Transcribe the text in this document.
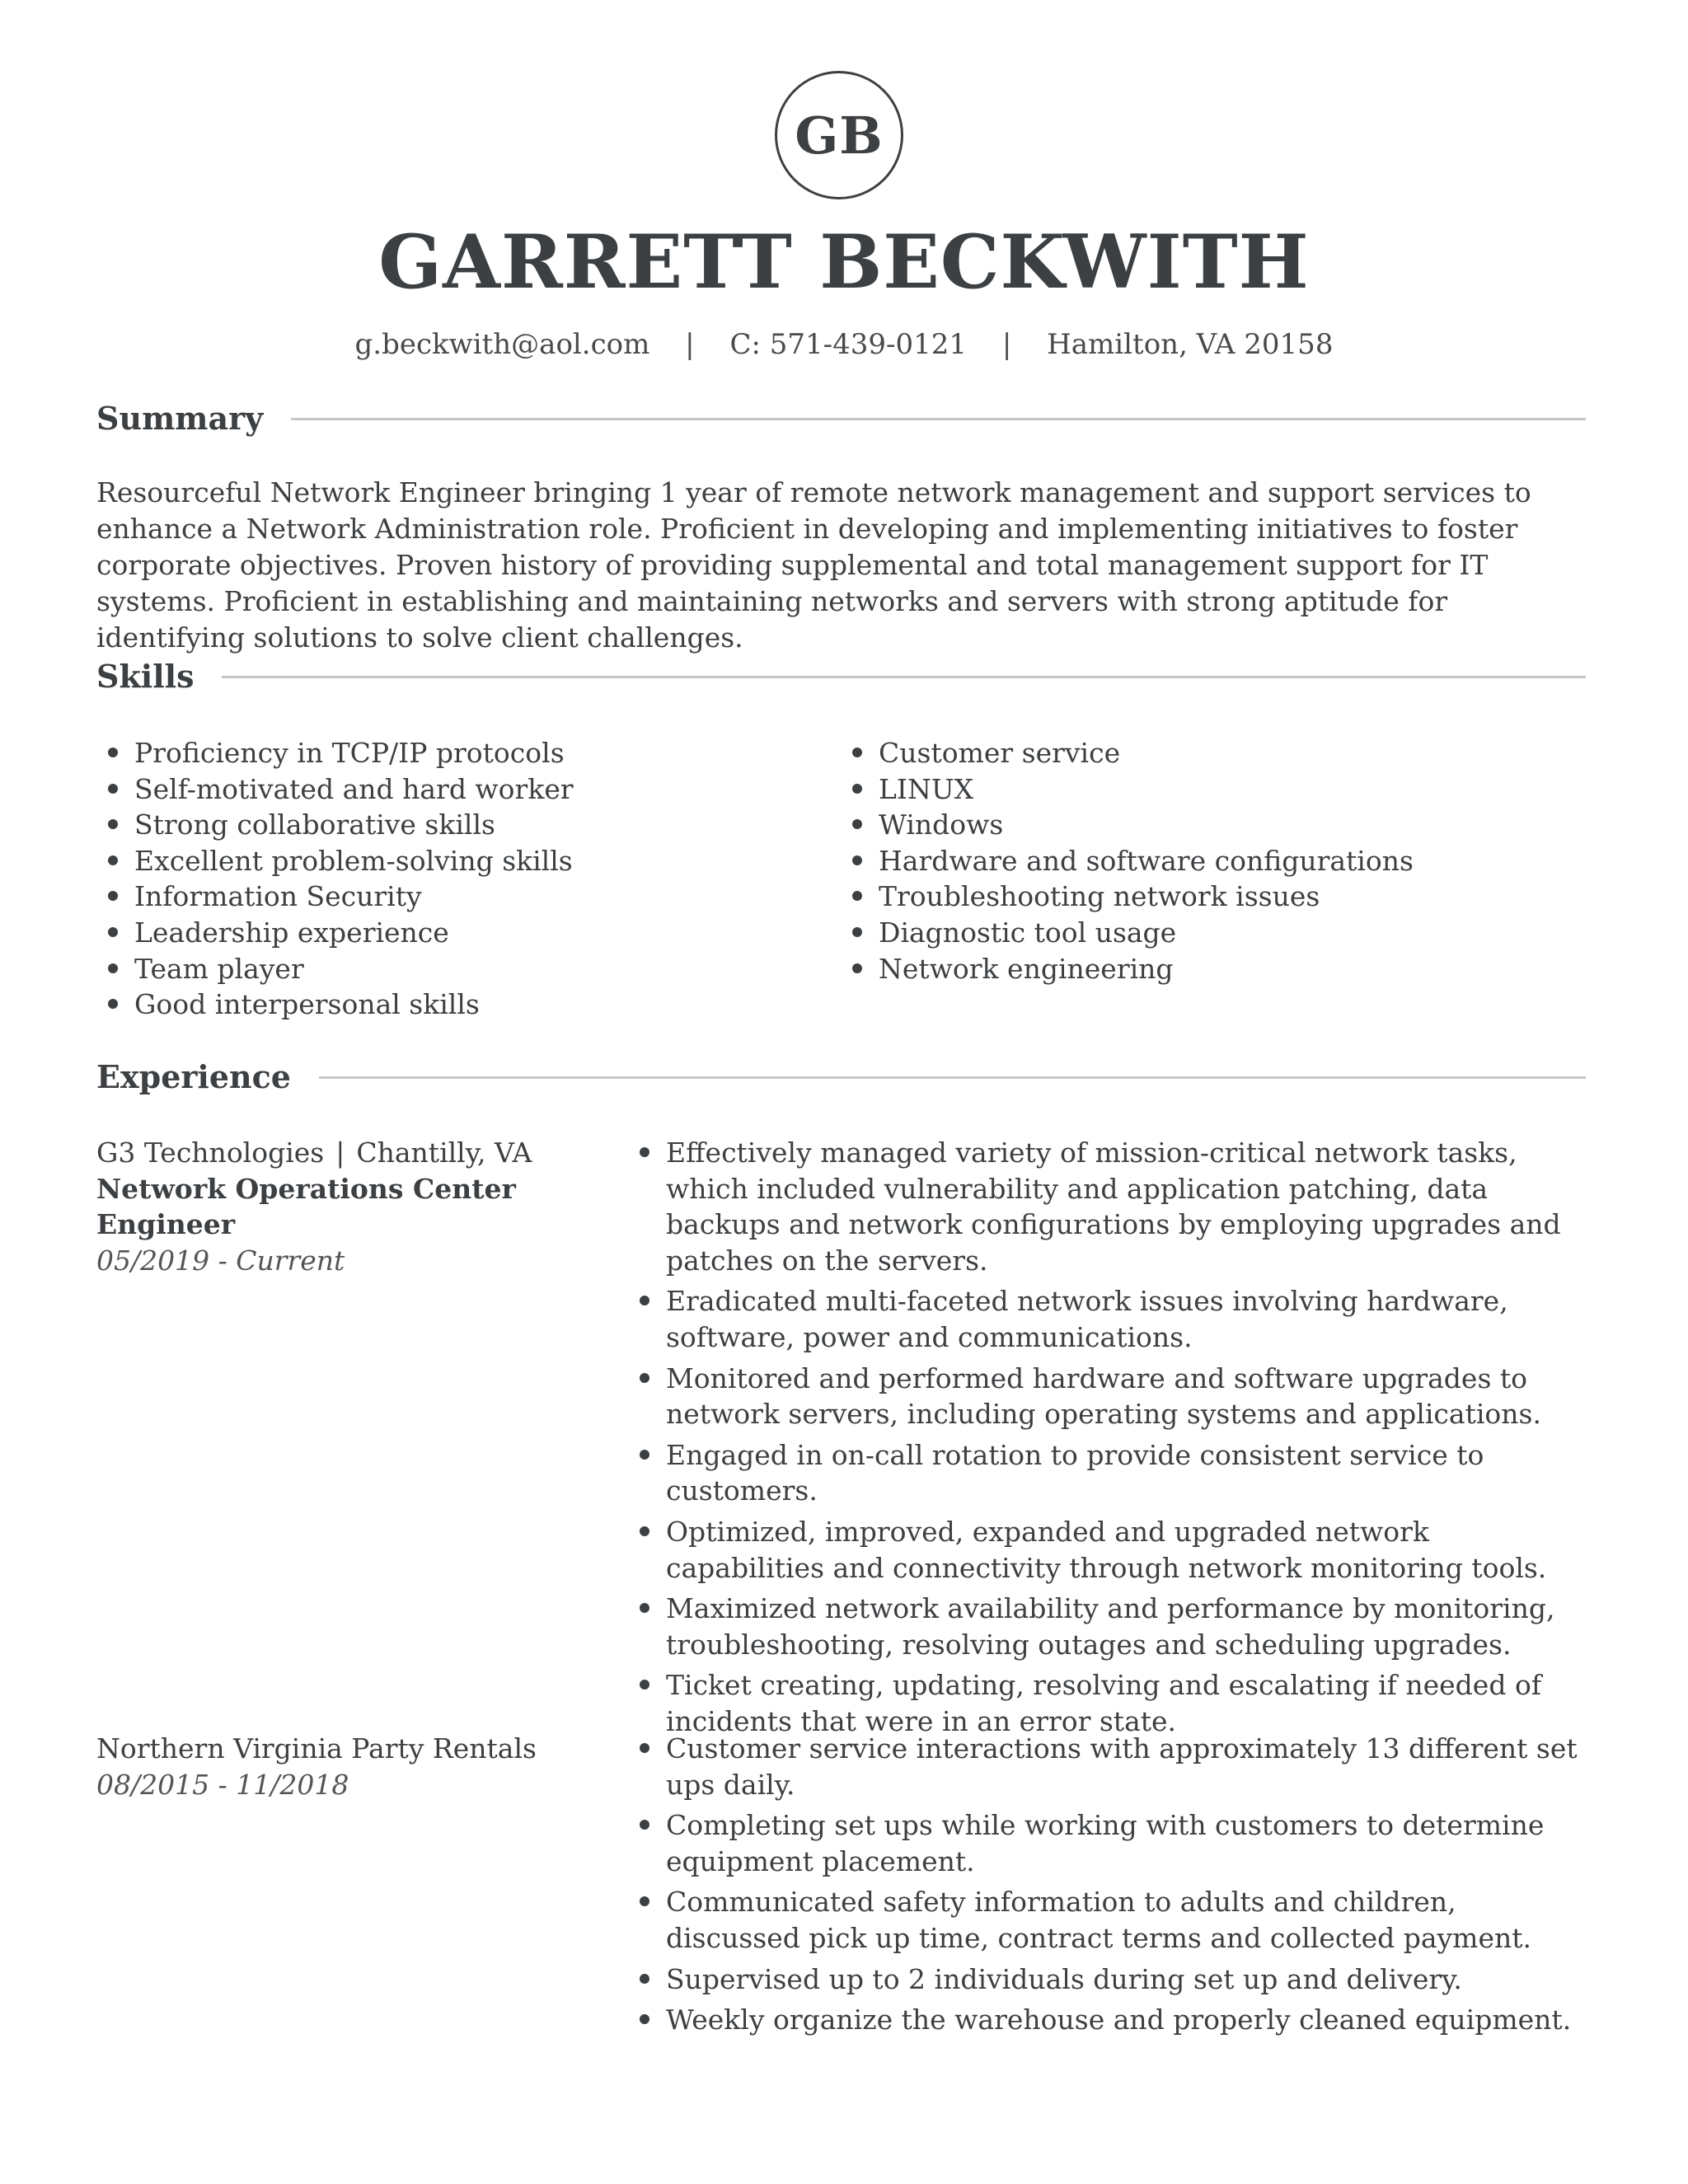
GB
GARRETT BECKWITH
g.beckwith@aol.com | C: 571-439-0121 | Hamilton, VA 20158
Summary

Resourceful Network Engineer bringing 1 year of remote network management and support services to enhance a Network Administration role. Proficient in developing and implementing initiatives to foster corporate objectives. Proven history of providing supplemental and total management support for IT systems. Proficient in establishing and maintaining networks and servers with strong aptitude for identifying solutions to solve client challenges.

Skills
Proficiency in TCP/IP protocols
Self-motivated and hard worker
Strong collaborative skills
Excellent problem-solving skills
Information Security
Leadership experience
Team player
Good interpersonal skills
Customer service
LINUX
Windows
Hardware and software configurations
Troubleshooting network issues
Diagnostic tool usage
Network engineering
Experience
G3 Technologies | Chantilly, VA
Network Operations Center Engineer
05/2019 - Current
Effectively managed variety of mission-critical network tasks, which included vulnerability and application patching, data backups and network configurations by employing upgrades and patches on the servers.
Eradicated multi-faceted network issues involving hardware, software, power and communications.
Monitored and performed hardware and software upgrades to network servers, including operating systems and applications.
Engaged in on-call rotation to provide consistent service to customers.
Optimized, improved, expanded and upgraded network capabilities and connectivity through network monitoring tools.
Maximized network availability and performance by monitoring, troubleshooting, resolving outages and scheduling upgrades.
Ticket creating, updating, resolving and escalating if needed of incidents that were in an error state.
Northern Virginia Party Rentals
08/2015 - 11/2018
Customer service interactions with approximately 13 different set ups daily.
Completing set ups while working with customers to determine equipment placement.
Communicated safety information to adults and children, discussed pick up time, contract terms and collected payment.
Supervised up to 2 individuals during set up and delivery.
Weekly organize the warehouse and properly cleaned equipment.
